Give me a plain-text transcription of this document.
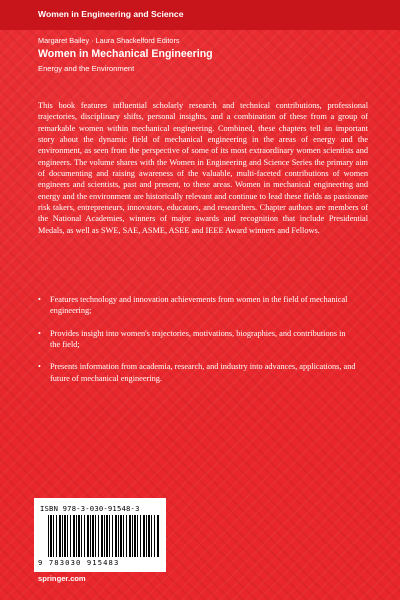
Women in Engineering and Science
Margaret Bailey · Laura Shackelford Editors
Women in Mechanical Engineering
Energy and the Environment

This book features influential scholarly research and technical contributions, professional trajectories, disciplinary shifts, personal insights, and a combination of these from a group of remarkable women within mechanical engineering. Combined, these chapters tell an important story about the dynamic field of mechanical engineering in the areas of energy and the environment, as seen from the perspective of some of its most extraordinary women scientists and engineers. The volume shares with the Women in Engineering and Science Series the primary aim of documenting and raising awareness of the valuable, multi-faceted contributions of women engineers and scientists, past and present, to these areas. Women in mechanical engineering and energy and the environment are historically relevant and continue to lead these fields as passionate risk takers, entrepreneurs, innovators, educators, and researchers. Chapter authors are members of the National Academies, winners of major awards and recognition that include Presidential Medals, as well as SWE, SAE, ASME, ASEE and IEEE Award winners and Fellows.

• Features technology and innovation achievements from women in the field of mechanical engineering;
• Provides insight into women's trajectories, motivations, biographies, and contributions in the field;
• Presents information from academia, research, and industry into advances, applications, and future of mechanical engineering.
ISBN 978-3-030-91548-3
9 783030 915483
springer.com
